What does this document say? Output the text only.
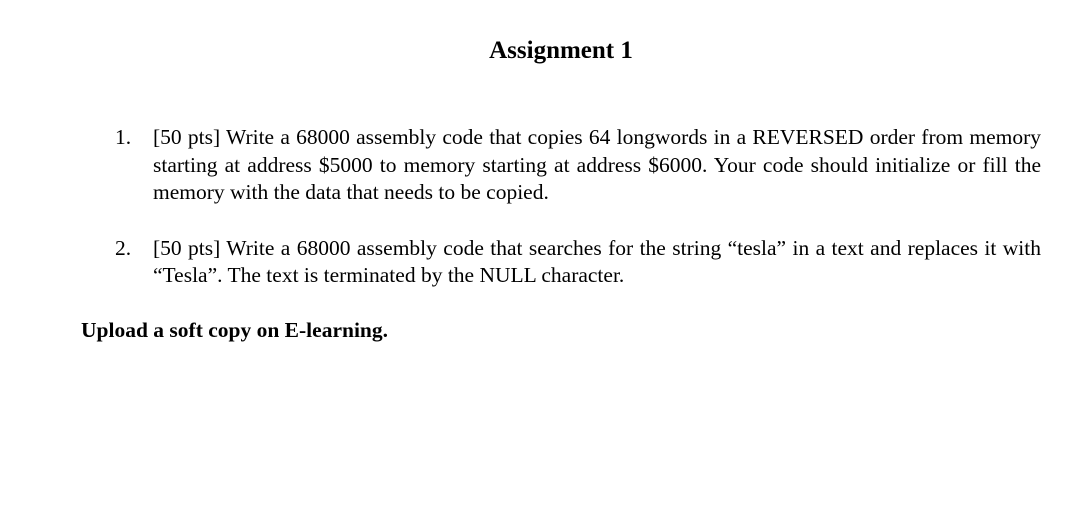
Assignment 1
1. [50 pts] Write a 68000 assembly code that copies 64 longwords in a REVERSED order from memory starting at address $5000 to memory starting at address $6000. Your code should initialize or fill the memory with the data that needs to be copied.
2. [50 pts] Write a 68000 assembly code that searches for the string “tesla” in a text and replaces it with “Tesla”. The text is terminated by the NULL character.

Upload a soft copy on E-learning.
